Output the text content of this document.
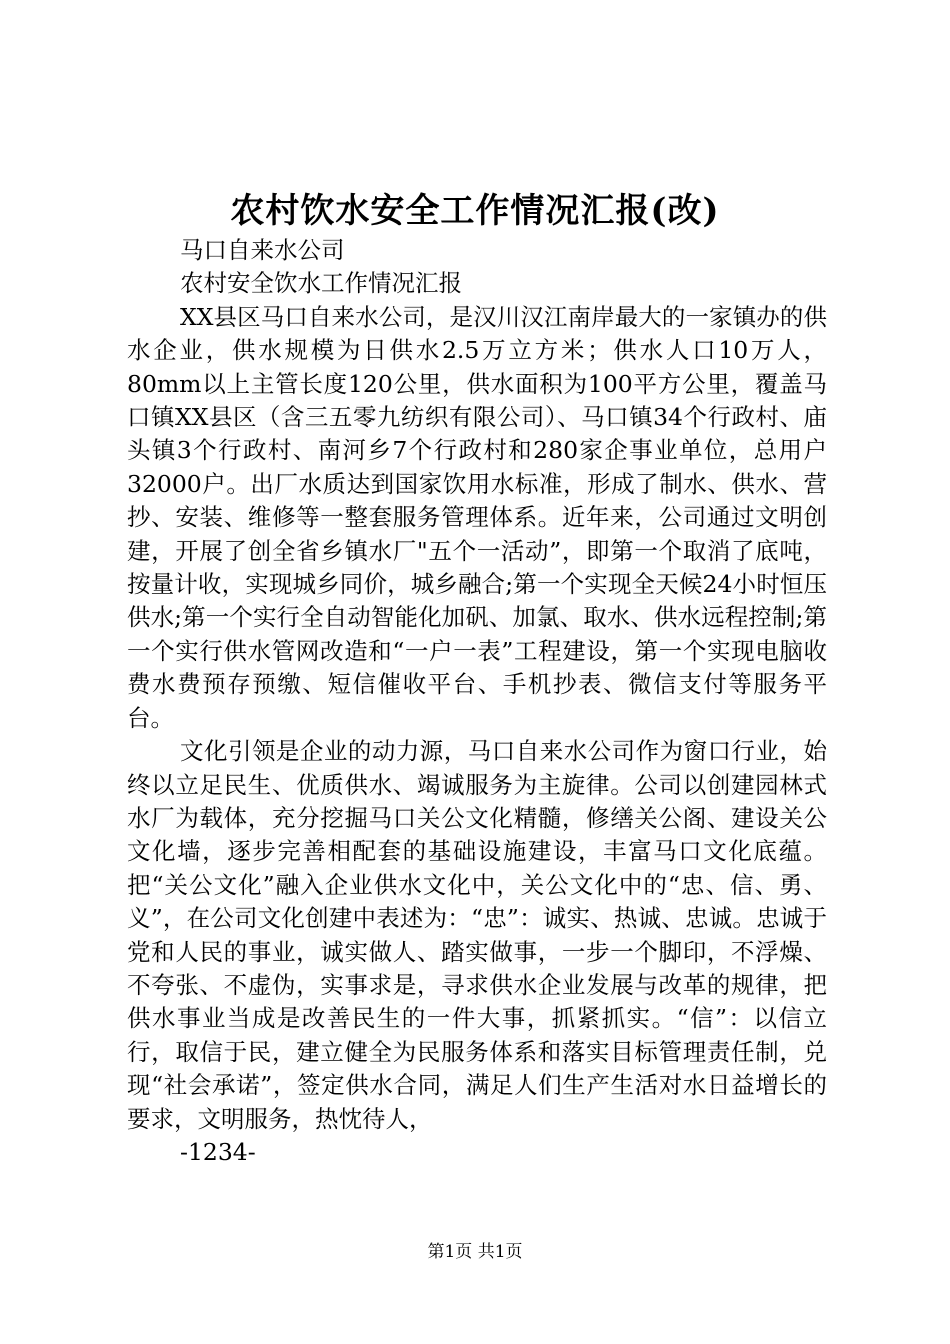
农村饮水安全工作情况汇报(改)

马口自来水公司

农村安全饮水工作情况汇报

XX县区马口自来水公司，是汉川汉江南岸最大的一家镇办的供水企业，供水规模为日供水2.5万立方米；供水人口10万人，80mm以上主管长度120公里，供水面积为100平方公里，覆盖马口镇XX县区（含三五零九纺织有限公司）、马口镇34个行政村、庙头镇3个行政村、南河乡7个行政村和280家企事业单位，总用户32000户。出厂水质达到国家饮用水标准，形成了制水、供水、营抄、安装、维修等一整套服务管理体系。近年来，公司通过文明创建，开展了创全省乡镇水厂"五个一活动”，即第一个取消了底吨，按量计收，实现城乡同价，城乡融合;第一个实现全天候24小时恒压供水;第一个实行全自动智能化加矾、加氯、取水、供水远程控制;第一个实行供水管网改造和“一户一表”工程建设，第一个实现电脑收费水费预存预缴、短信催收平台、手机抄表、微信支付等服务平台。

文化引领是企业的动力源，马口自来水公司作为窗口行业，始终以立足民生、优质供水、竭诚服务为主旋律。公司以创建园林式水厂为载体，充分挖掘马口关公文化精髓，修缮关公阁、建设关公文化墙，逐步完善相配套的基础设施建设，丰富马口文化底蕴。把“关公文化”融入企业供水文化中，关公文化中的“忠、信、勇、义”，在公司文化创建中表述为：“忠”：诚实、热诚、忠诚。忠诚于党和人民的事业，诚实做人、踏实做事，一步一个脚印，不浮燥、不夸张、不虚伪，实事求是，寻求供水企业发展与改革的规律，把供水事业当成是改善民生的一件大事，抓紧抓实。“信”：以信立行，取信于民，建立健全为民服务体系和落实目标管理责任制，兑现“社会承诺”，签定供水合同，满足人们生产生活对水日益增长的要求，文明服务，热忱待人，

-1234-

第1页 共1页
